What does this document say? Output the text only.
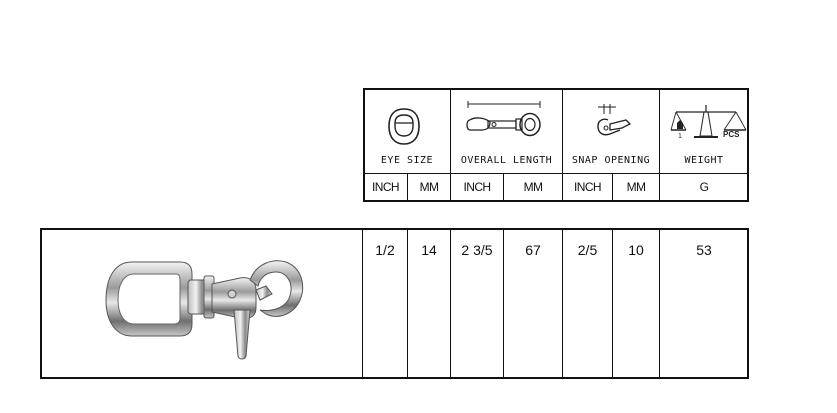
1	PCS
EYE SIZE	OVERALL LENGTH	SNAP OPENING	WEIGHT
INCH	MM	INCH	MM	INCH	MM	G
1/2	14	2 3/5	67	2/5	10	53
